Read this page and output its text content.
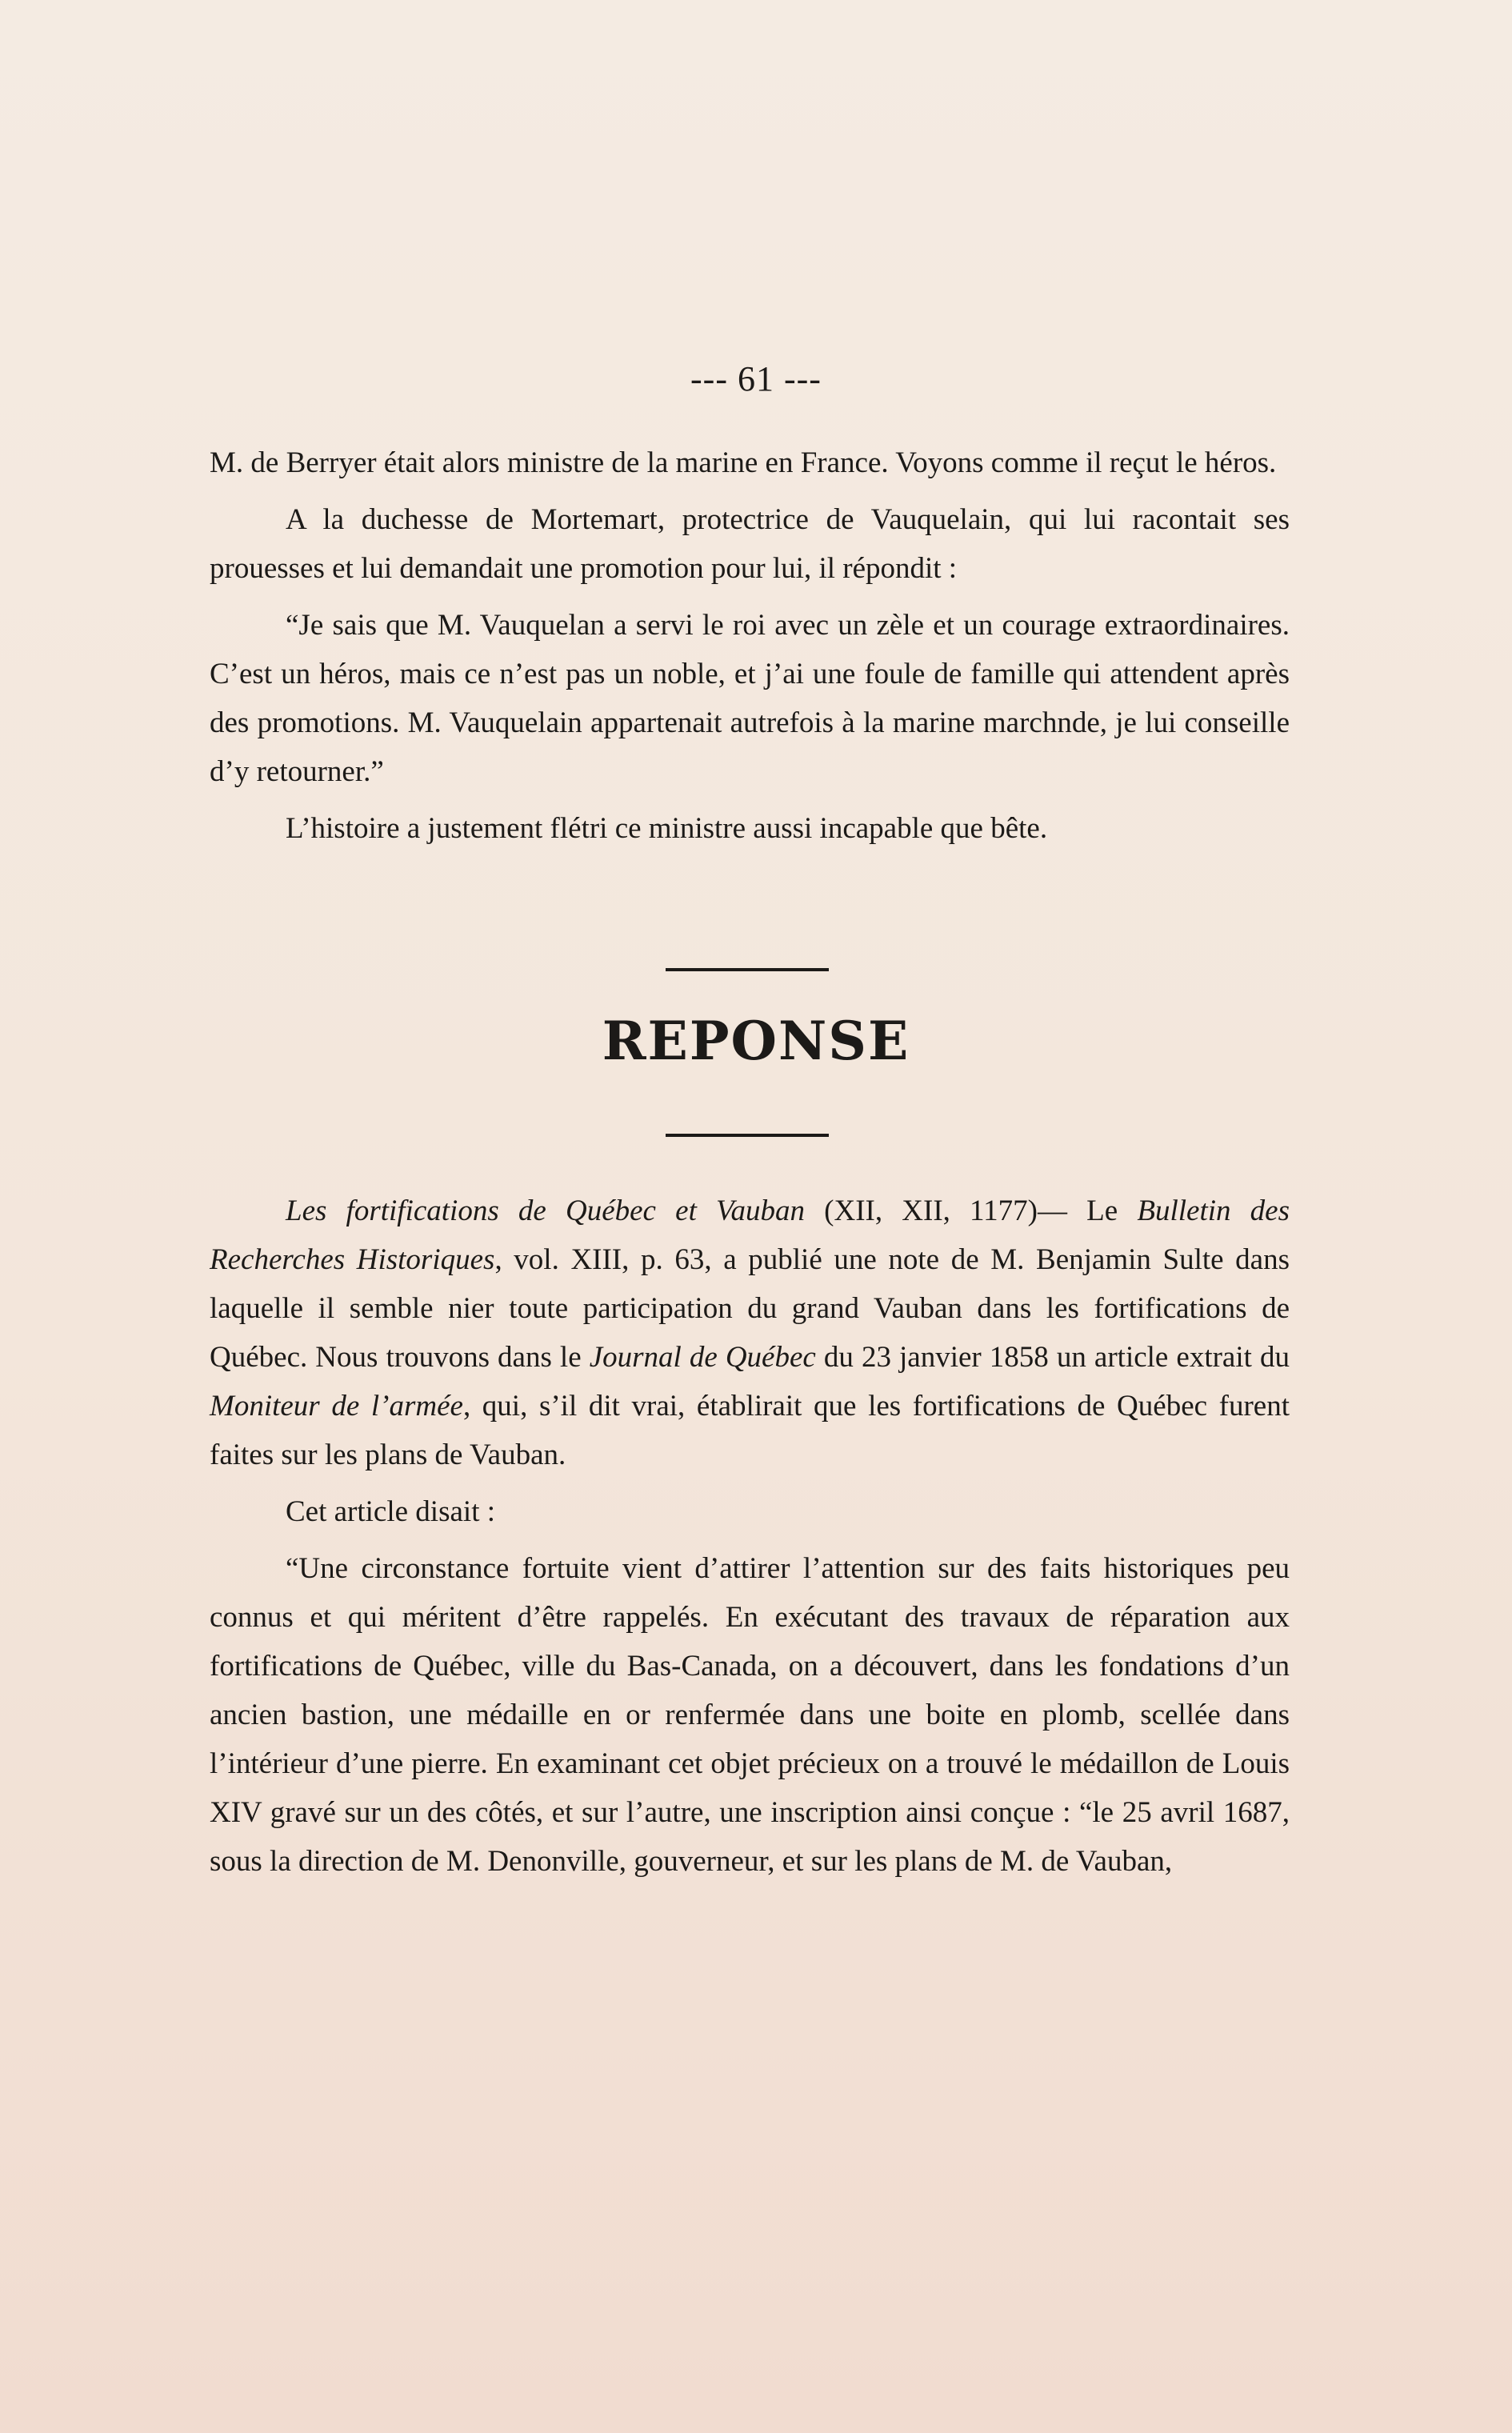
--- 61 ---

M. de Berryer était alors ministre de la marine en France. Voyons comme il reçut le héros.

A la duchesse de Mortemart, protectrice de Vauquelain, qui lui racontait ses prouesses et lui demandait une promotion pour lui, il répondit :

“Je sais que M. Vauquelan a servi le roi avec un zèle et un courage extraordinaires. C’est un héros, mais ce n’est pas un noble, et j’ai une foule de famille qui attendent après des promotions. M. Vauquelain appartenait autrefois à la marine marchnde, je lui conseille d’y retourner.”

L’histoire a justement flétri ce ministre aussi incapable que bête.

REPONSE

Les fortifications de Québec et Vauban (XII, XII, 1177)— Le Bulletin des Recherches Historiques, vol. XIII, p. 63, a publié une note de M. Benjamin Sulte dans laquelle il semble nier toute participation du grand Vauban dans les fortifications de Québec. Nous trouvons dans le Journal de Québec du 23 janvier 1858 un article extrait du Moniteur de l’armée, qui, s’il dit vrai, établirait que les fortifications de Québec furent faites sur les plans de Vauban.

Cet article disait :

“Une circonstance fortuite vient d’attirer l’attention sur des faits historiques peu connus et qui méritent d’être rappelés. En exécutant des travaux de réparation aux fortifications de Québec, ville du Bas-Canada, on a découvert, dans les fondations d’un ancien bastion, une médaille en or renfermée dans une boite en plomb, scellée dans l’intérieur d’une pierre. En examinant cet objet précieux on a trouvé le médaillon de Louis XIV gravé sur un des côtés, et sur l’autre, une inscription ainsi conçue : “le 25 avril 1687, sous la direction de M. Denonville, gouverneur, et sur les plans de M. de Vauban,
